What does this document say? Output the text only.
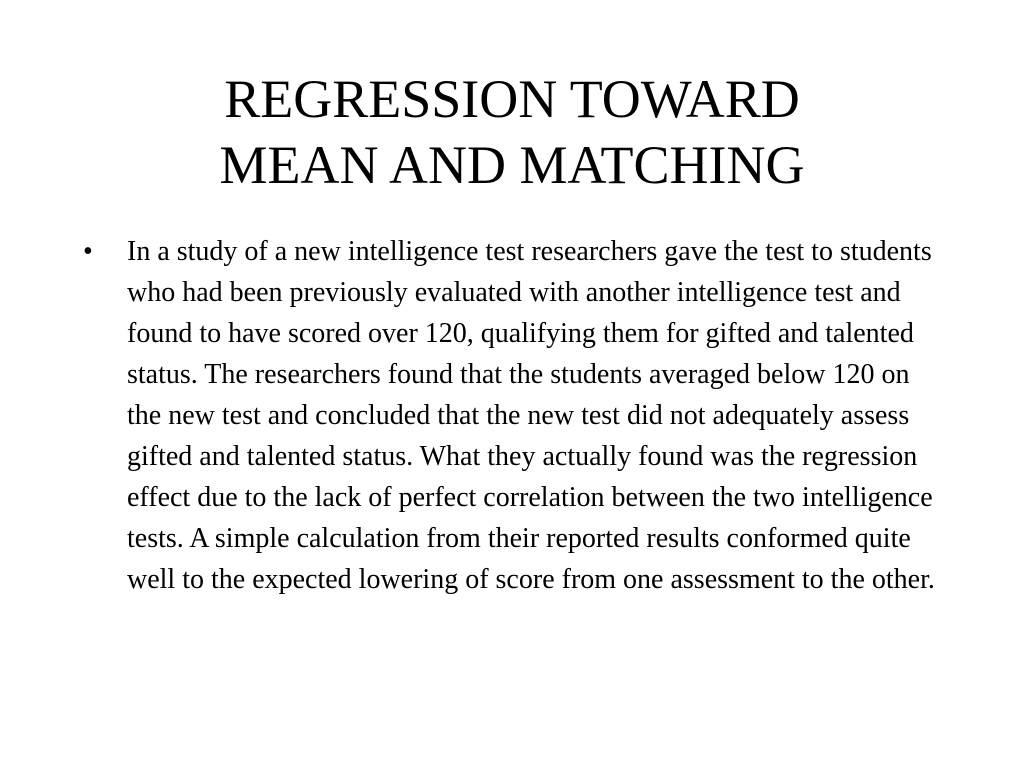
REGRESSION TOWARD
MEAN AND MATCHING
• In a study of a new intelligence test researchers gave the test to students who had been previously evaluated with another intelligence test and found to have scored over 120, qualifying them for gifted and talented status. The researchers found that the students averaged below 120 on the new test and concluded that the new test did not adequately assess gifted and talented status. What they actually found was the regression effect due to the lack of perfect correlation between the two intelligence tests. A simple calculation from their reported results conformed quite well to the expected lowering of score from one assessment to the other.
